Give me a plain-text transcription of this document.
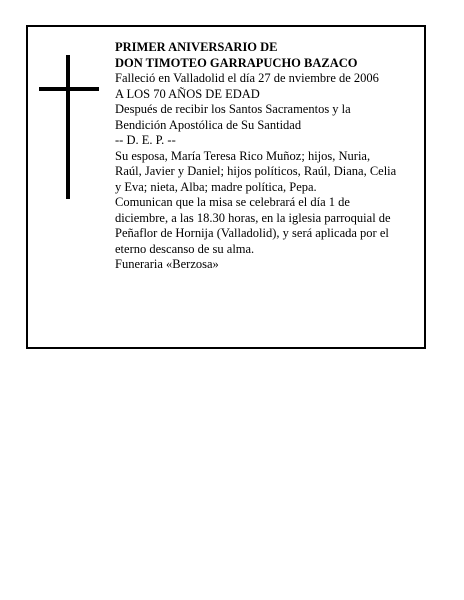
PRIMER ANIVERSARIO DE
DON TIMOTEO GARRAPUCHO BAZACO
Falleció en Valladolid el día 27 de nviembre de 2006
A LOS 70 AÑOS DE EDAD
Después de recibir los Santos Sacramentos y la
Bendición Apostólica de Su Santidad
-- D. E. P. --
Su esposa, María Teresa Rico Muñoz; hijos, Nuria,
Raúl, Javier y Daniel; hijos políticos, Raúl, Diana, Celia
y Eva; nieta, Alba; madre política, Pepa.
Comunican que la misa se celebrará el día 1 de
diciembre, a las 18.30 horas, en la iglesia parroquial de
Peñaflor de Hornija (Valladolid), y será aplicada por el
eterno descanso de su alma.
Funeraria «Berzosa»
